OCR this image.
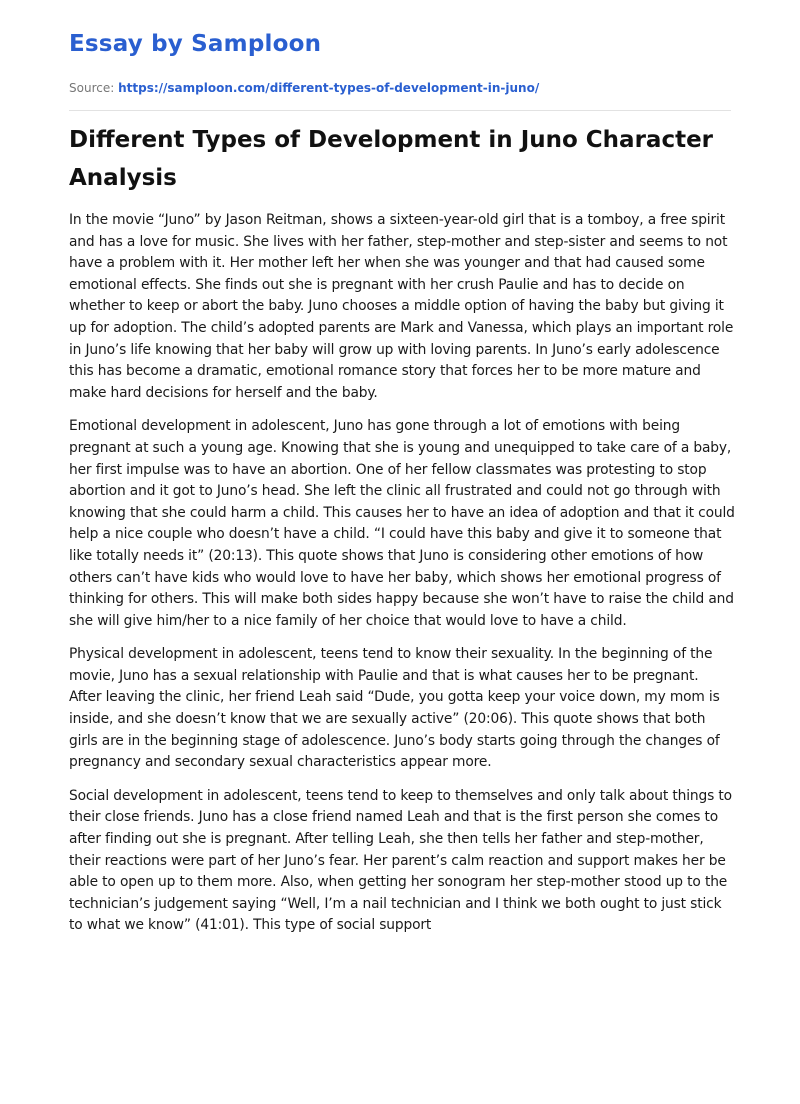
Essay by Samploon
Source: https://samploon.com/different-types-of-development-in-juno/
Different Types of Development in Juno Character Analysis

In the movie “Juno” by Jason Reitman, shows a sixteen-year-old girl that is a tomboy, a free spirit and has a love for music. She lives with her father, step-mother and step-sister and seems to not have a problem with it. Her mother left her when she was younger and that had caused some emotional effects. She finds out she is pregnant with her crush Paulie and has to decide on whether to keep or abort the baby. Juno chooses a middle option of having the baby but giving it up for adoption. The child’s adopted parents are Mark and Vanessa, which plays an important role in Juno’s life knowing that her baby will grow up with loving parents. In Juno’s early adolescence this has become a dramatic, emotional romance story that forces her to be more mature and make hard decisions for herself and the baby.

Emotional development in adolescent, Juno has gone through a lot of emotions with being pregnant at such a young age. Knowing that she is young and unequipped to take care of a baby, her first impulse was to have an abortion. One of her fellow classmates was protesting to stop abortion and it got to Juno’s head. She left the clinic all frustrated and could not go through with knowing that she could harm a child. This causes her to have an idea of adoption and that it could help a nice couple who doesn’t have a child. “I could have this baby and give it to someone that like totally needs it” (20:13). This quote shows that Juno is considering other emotions of how others can’t have kids who would love to have her baby, which shows her emotional progress of thinking for others. This will make both sides happy because she won’t have to raise the child and she will give him/her to a nice family of her choice that would love to have a child.

Physical development in adolescent, teens tend to know their sexuality. In the beginning of the movie, Juno has a sexual relationship with Paulie and that is what causes her to be pregnant. After leaving the clinic, her friend Leah said “Dude, you gotta keep your voice down, my mom is inside, and she doesn’t know that we are sexually active” (20:06). This quote shows that both girls are in the beginning stage of adolescence. Juno’s body starts going through the changes of pregnancy and secondary sexual characteristics appear more.

Social development in adolescent, teens tend to keep to themselves and only talk about things to their close friends. Juno has a close friend named Leah and that is the first person she comes to after finding out she is pregnant. After telling Leah, she then tells her father and step-mother, their reactions were part of her Juno’s fear. Her parent’s calm reaction and support makes her be able to open up to them more. Also, when getting her sonogram her step-mother stood up to the technician’s judgement saying “Well, I’m a nail technician and I think we both ought to just stick to what we know” (41:01). This type of social support
